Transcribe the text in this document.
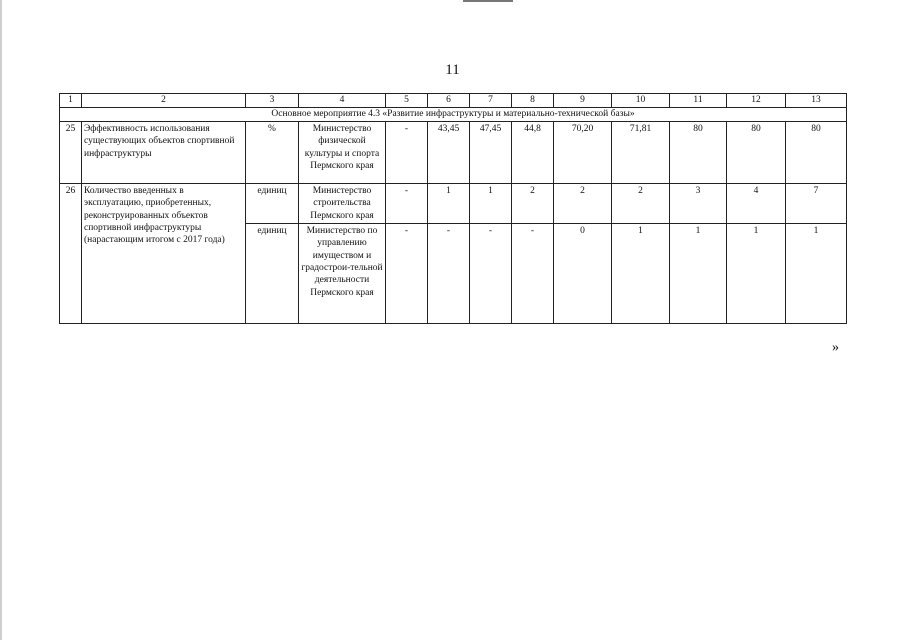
11
1	2	3	4	5	6	7	8	9	10	11	12	13
Основное мероприятие 4.3 «Развитие инфраструктуры и материально-технической базы»												
25	Эффективность использования существующих объектов спортивной инфраструктуры	%	Министерство физической культуры и спорта Пермского края	-	43,45	47,45	44,8	70,20	71,81	80	80	80
26	Количество введенных в эксплуатацию, приобретенных, реконструированных объектов спортивной инфраструктуры (нарастающим итогом с 2017 года)	единиц	Министерство строительства Пермского края	-	1	1	2	2	2	3	4	7
		единиц	Министерство по управлению имуществом и градострои-тельной деятельности Пермского края	-	-	-	-	0	1	1	1	1
»
